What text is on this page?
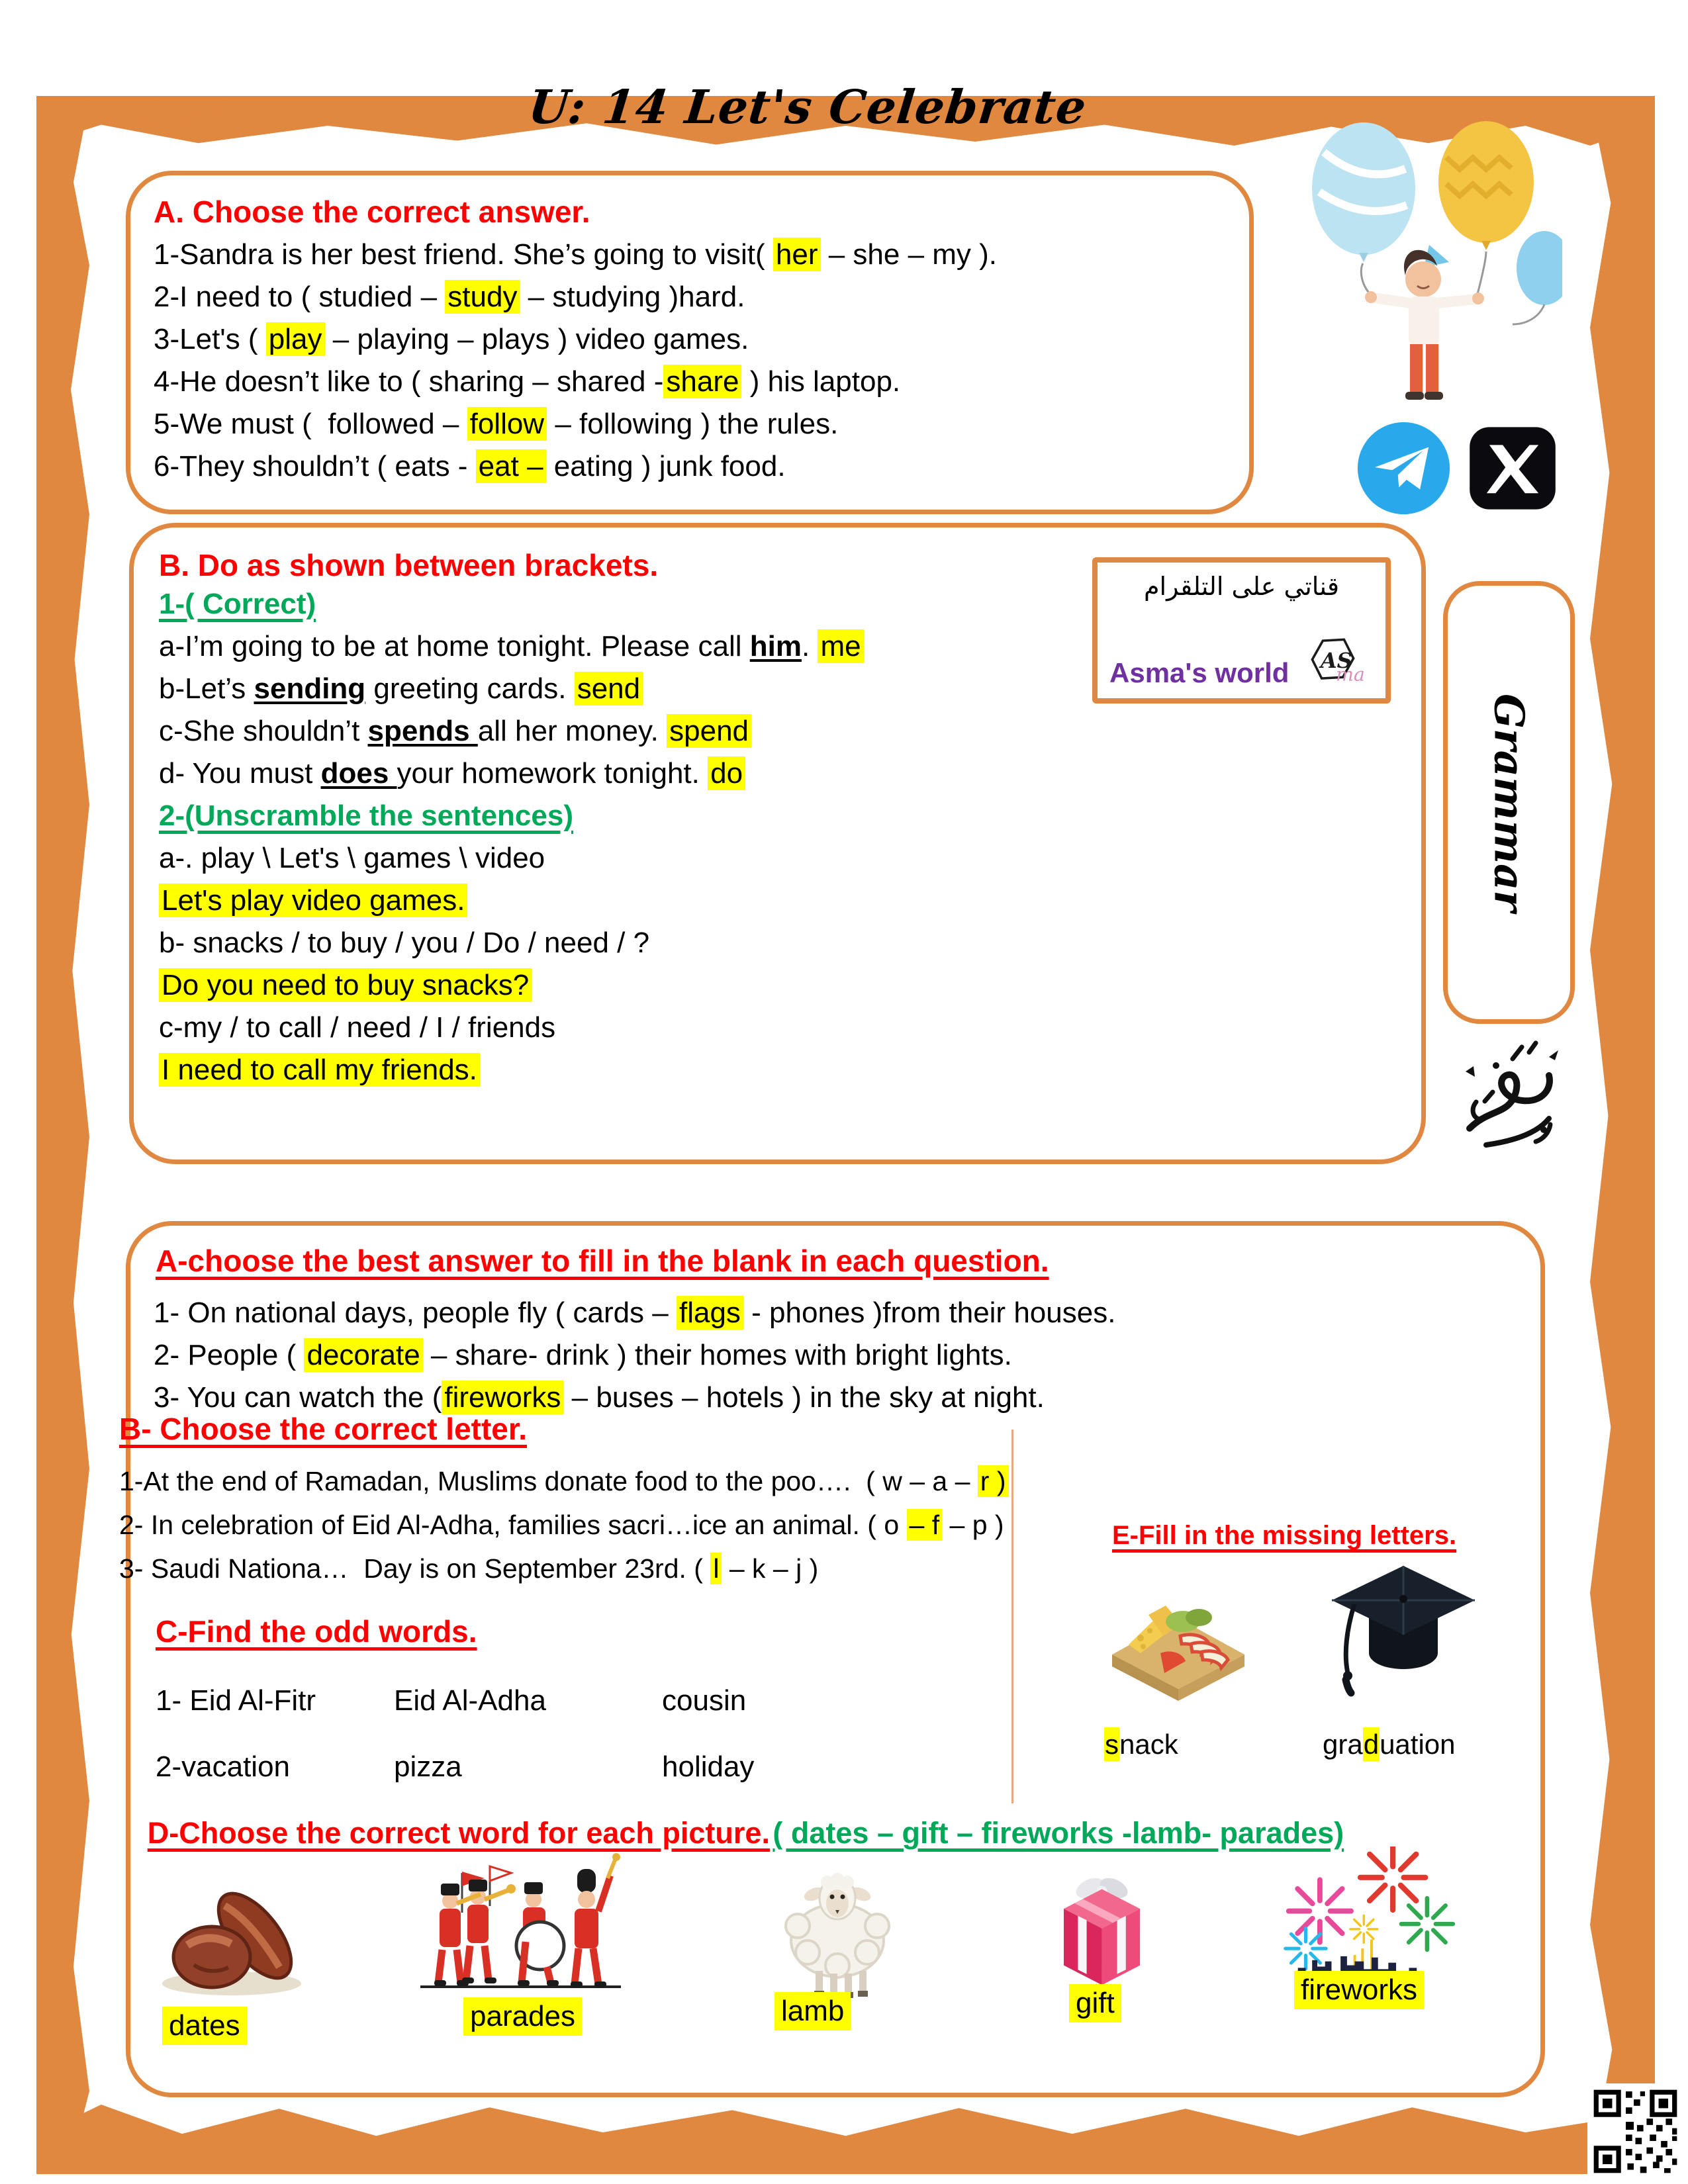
SG1	U: 14 Let's Celebrate
A. Choose the correct answer.
1-Sandra is her best friend. She’s going to visit( her – she – my ).
2-I need to ( studied – study – studying )hard.
3-Let's ( play – playing – plays ) video games.
4-He doesn’t like to ( sharing – shared -share ) his laptop.
5-We must (  followed – follow – following ) the rules.
6-They shouldn’t ( eats - eat – eating ) junk food.
B. Do as shown between brackets.
1-( Correct)
a-I’m going to be at home tonight. Please call him. me
b-Let’s sending greeting cards. send
c-She shouldn’t spends all her money. spend
d- You must does your homework tonight. do
2-(Unscramble the sentences)
a-. play \ Let's \ games \ video
Let's play video games.
b- snacks / to buy / you / Do / need / ?
Do you need to buy snacks?
c-my / to call / need / I / friends
I need to call my friends.
قناتي على التلقرام
Asma's world AS
ma
Grammar
A-choose the best answer to fill in the blank in each question.
1- On national days, people fly ( cards – flags - phones )from their houses.
2- People ( decorate – share- drink ) their homes with bright lights.
3- You can watch the (fireworks – buses – hotels ) in the sky at night.
B- Choose the correct letter.
1-At the end of Ramadan, Muslims donate food to the poo….  ( w – a – r )
2- In celebration of Eid Al-Adha, families sacri…ice an animal. ( o – f – p )
3- Saudi Nationa…  Day is on September 23rd. ( l – k – j )
E-Fill in the missing letters.
snack	graduation
C-Find the odd words.
1- Eid Al-Fitr	Eid Al-Adha	cousin
2-vacation	pizza	holiday

D-Choose the correct word for each picture. ( dates – gift – fireworks -lamb- parades)

dates	parades	lamb	gift	fireworks
